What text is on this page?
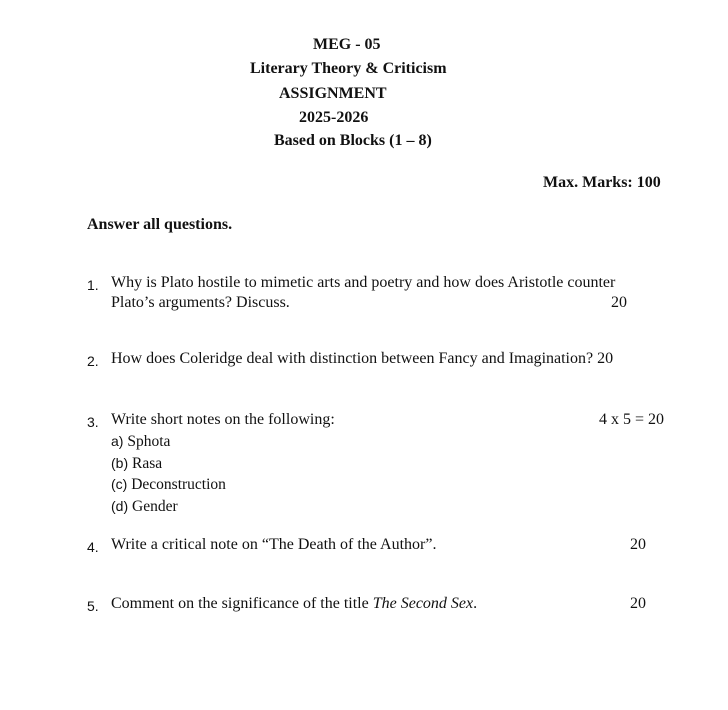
MEG - 05
Literary Theory & Criticism
ASSIGNMENT
2025-2026
Based on Blocks (1 – 8)
Max. Marks: 100
Answer all questions.
1. Why is Plato hostile to mimetic arts and poetry and how does Aristotle counter
Plato’s arguments? Discuss.	20
2. How does Coleridge deal with distinction between Fancy and Imagination? 20
3. Write short notes on the following:	4 x 5 = 20
a) Sphota
(b) Rasa
(c) Deconstruction
(d) Gender
4. Write a critical note on “The Death of the Author”.	20
5. Comment on the significance of the title The Second Sex.	20
